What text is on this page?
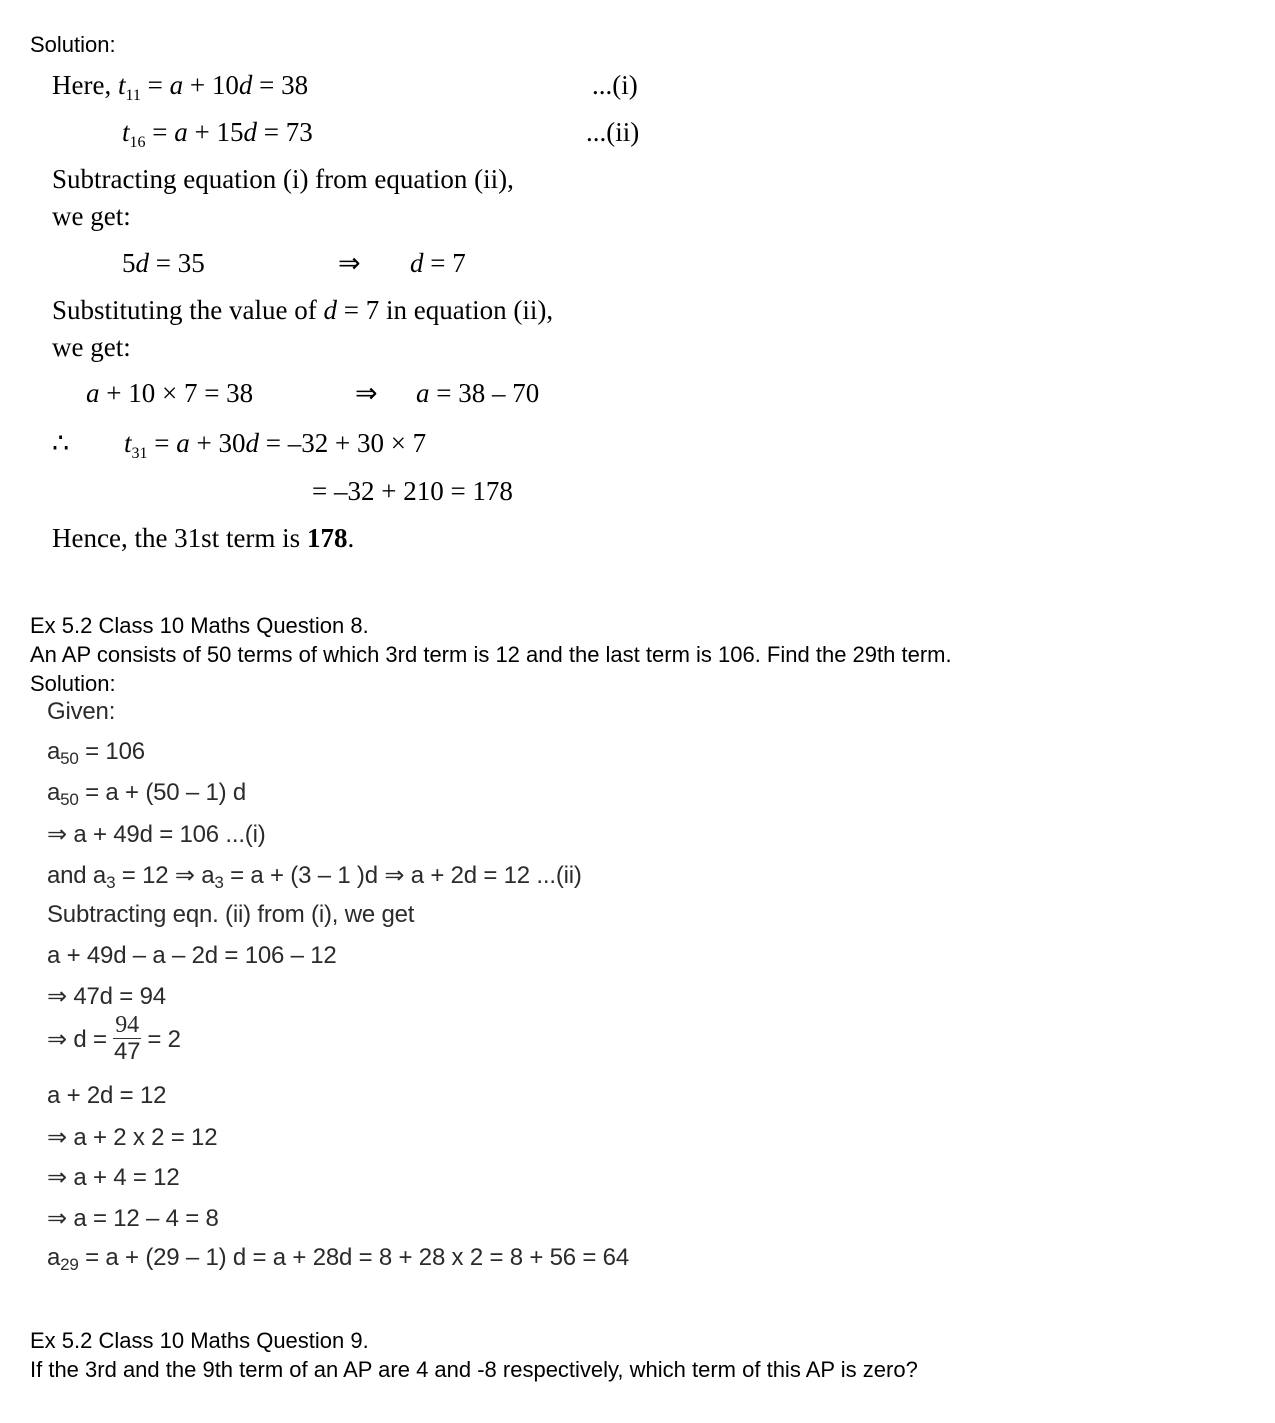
Solution:
Here, $t_{11} = a + 10d = 38$	...(i)
$t_{16} = a + 15d = 73$	...(ii)
Subtracting equation (i) from equation (ii),
we get:
5d = 35	⇒ d = 7
Substituting the value of d = 7 in equation (ii),
we get:
a + 10 × 7 = 38	⇒ a = 38 – 70
∴ $t_{31} = a + 30d = -32 + 30 \times 7$
= –32 + 210 = 178
Hence, the 31st term is 178.
Ex 5.2 Class 10 Maths Question 8.
An AP consists of 50 terms of which 3rd term is 12 and the last term is 106. Find the 29th term.
Solution:
Given:
$a_{50} = 106$
$a_{50} = a + (50 - 1)$ d
⇒ a + 49d = 106 ...(i)
and $a_3 = 12$ ⇒ $a_3 = a + (3 - 1$ )d ⇒ a + 2d = 12 ...(ii)
Subtracting eqn. (ii) from (i), we get
a + 49d – a – 2d = 106 – 12
⇒ 47d = 94
⇒ $d = \frac{94}{47} = 2$
a + 2d = 12
⇒ a + 2 x 2 = 12
⇒ a + 4 = 12
⇒ a = 12 – 4 = 8
$a_{29} = a + (29 - 1) d = a + 28d = 8 + 28$ x 2 = 8 + 56 = 64
Ex 5.2 Class 10 Maths Question 9.
If the 3rd and the 9th term of an AP are 4 and -8 respectively, which term of this AP is zero?
